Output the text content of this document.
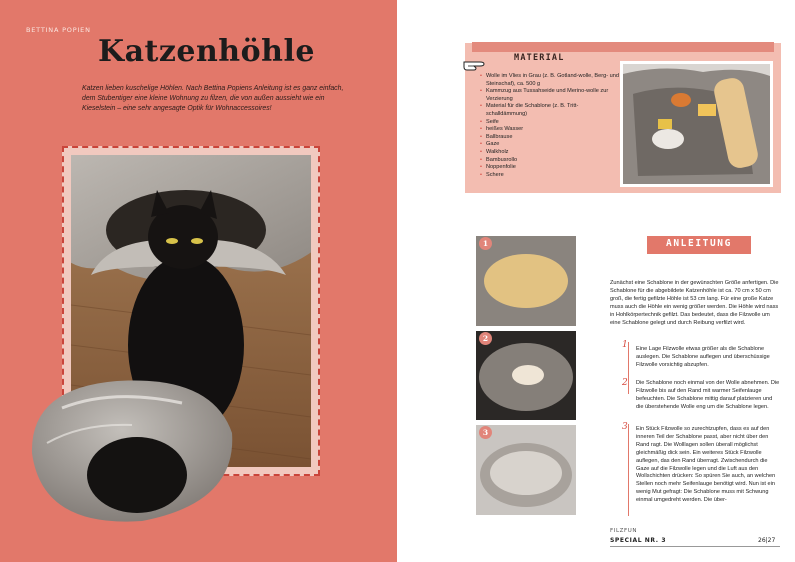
BETTINA POPIEN
Katzenhöhle
Katzen lieben kuschelige Höhlen. Nach Bettina Popiens Anleitung ist es ganz einfach, dem Stubentiger eine kleine Wohnung zu filzen, die von außen aussieht wie ein Kieselstein – eine sehr angesagte Optik für Wohnaccessoires!
MATERIAL
• Wolle im Vlies in Grau (z. B. Gotland-wolle, Berg- und Steinschaf), ca. 500 g
• Kammzug aus Tussahseide und Merino-wolle zur Verzierung
• Material für die Schablone (z. B. Tritt-schalldämmung)
• Seife
• heißes Wasser
• Ballbrause
• Gaze
• Walkholz
• Bambusrollo
• Noppenfolie
• Schere
1
2
3
ANLEITUNG
Zunächst eine Schablone in der gewünschten Größe anfertigen. Die Schablone für die abgebildete Katzenhöhle ist ca. 70 cm x 50 cm groß, die fertig gefilzte Höhle ist 53 cm lang. Für eine große Katze muss auch die Höhle ein wenig größer werden. Die Höhle wird nass in Hohlkörpertechnik gefilzt. Das bedeutet, dass die Filzwolle um eine Schablone gelegt und durch Reibung verfilzt wird.
1 Eine Lage Filzwolle etwas größer als die Schablone auslegen. Die Schablone auflegen und überschüssige Filzwolle vorsichtig abzupfen.
2 Die Schablone noch einmal von der Wolle abnehmen. Die Filzwolle bis auf den Rand mit warmer Seifenlauge befeuchten. Die Schablone mittig darauf platzieren und die überstehende Wolle eng um die Schablone legen.
3 Ein Stück Filzwolle so zurechtzupfen, dass es auf den inneren Teil der Schablone passt, aber nicht über den Rand ragt. Die Wolllagen sollen überall möglichst gleichmäßig dick sein. Ein weiteres Stück Filzwolle auflegen, das den Rand überragt. Zwischendurch die Gaze auf die Filzwolle legen und die Luft aus den Wollschichten drücken: So spüren Sie auch, an welchen Stellen noch mehr Seifenlauge benötigt wird. Nun ist ein wenig Mut gefragt: Die Schablone muss mit Schwung einmal umgedreht werden. Die über-
FILZFUN
SPECIAL NR. 3	26|27
